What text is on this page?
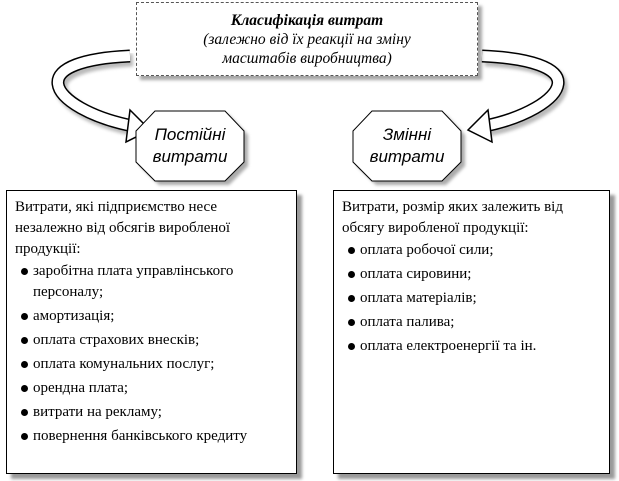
Класифікація витрат
(залежно від їх реакції на зміну
масштабів виробництва)
Постійні
витрати
Змінні
витрати

Витрати, які підприємство несе незалежно від обсягів виробленої продукції:

заробітна плата управлінського персоналу;
амортизація;
оплата страхових внесків;
оплата комунальних послуг;
орендна плата;
витрати на рекламу;
повернення банківського кредиту

Витрати, розмір яких залежить від обсягу виробленої продукції:

оплата робочої сили;
оплата сировини;
оплата матеріалів;
оплата палива;
оплата електроенергії та ін.
